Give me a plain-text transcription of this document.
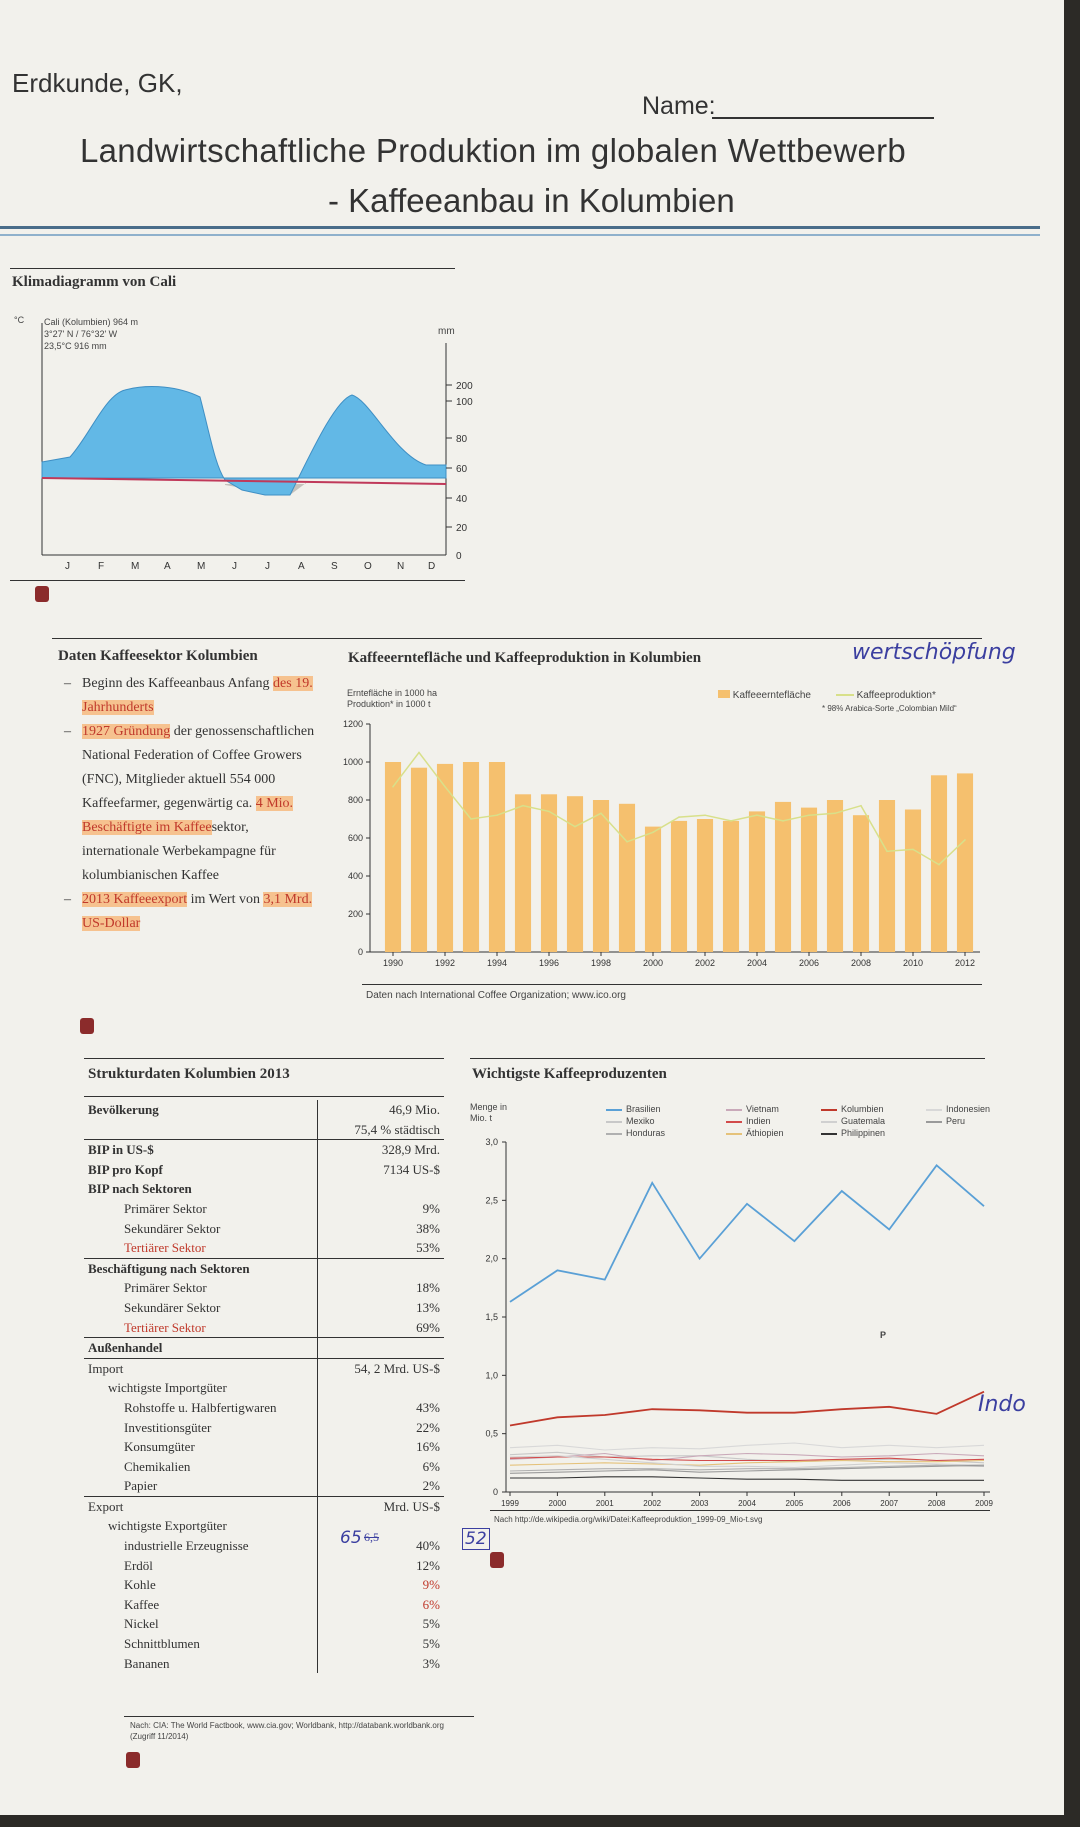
Erdkunde, GK,
Name:
Landwirtschaftliche Produktion im globalen Wettbewerb
- Kaffeeanbau in Kolumbien
Klimadiagramm von Cali
°C Cali (Kolumbien) 964 m
3°27' N / 76°32' W
23,5°C 916 mm
mm
200
100
80
60
40
20
0
J	F	M A	M	J	J	A	S	O	N D
Daten Kaffeesektor Kolumbien
– Beginn des Kaffeeanbaus Anfang des 19. Jahrhunderts
– 1927 Gründung der genossenschaftlichen National Federation of Coffee Growers (FNC), Mitglieder aktuell 554 000 Kaffeefarmer, gegenwärtig ca. 4 Mio. Beschäftigte im Kaffeesektor, internationale Werbekampagne für kolumbianischen Kaffee
– 2013 Kaffeeexport im Wert von 3,1 Mrd. US-Dollar
Kaffeeerntefläche und Kaffeeproduktion in Kolumbien	wertschöpfung
Erntefläche in 1000 ha
Produktion* in 1000 t
Kaffeeerntefläche	Kaffeeproduktion*
* 98% Arabica-Sorte „Colombian Mild“
0
200
400
600
800
1000
1200
1990	1992	1994	1996	1998	2000	2002	2004	2006	2008	2010	2012
Daten nach International Coffee Organization; www.ico.org
Strukturdaten Kolumbien 2013
Bevölkerung	46,9 Mio.
	75,4 % städtisch
BIP in US-$	328,9 Mrd.
BIP pro Kopf	7134 US-$
BIP nach Sektoren	
Primärer Sektor	9%
Sekundärer Sektor	38%
Tertiärer Sektor	53%
Beschäftigung nach Sektoren	
Primärer Sektor	18%
Sekundärer Sektor	13%
Tertiärer Sektor	69%
Außenhandel	
Import	54, 2 Mrd. US-$
wichtigste Importgüter	
Rohstoffe u. Halbfertigwaren	43%
Investitionsgüter	22%
Konsumgüter	16%
Chemikalien	6%
Papier	2%
Export	Mrd. US-$
wichtigste Exportgüter	
industrielle Erzeugnisse	40%
Erdöl	12%
Kohle	9%
Kaffee	6%
Nickel	5%
Schnittblumen	5%
Bananen	3%
65 6,5	52
Nach: CIA: The World Factbook, www.cia.gov; Worldbank, http://databank.worldbank.org (Zugriff 11/2014)
Wichtigste Kaffeeproduzenten
Menge in Mio. t
Brasilien	Vietnam	Kolumbien	Indonesien
Mexiko	Indien	Guatemala	Peru
Honduras	Äthiopien	Philippinen
0
0,5
1,0
1,5
2,0
2,5
3,0
1999	2000	2001	2002	2003	2004	2005	2006	2007	2008	2009
Indo
P
Nach http://de.wikipedia.org/wiki/Datei:Kaffeeproduktion_1999-09_Mio-t.svg
